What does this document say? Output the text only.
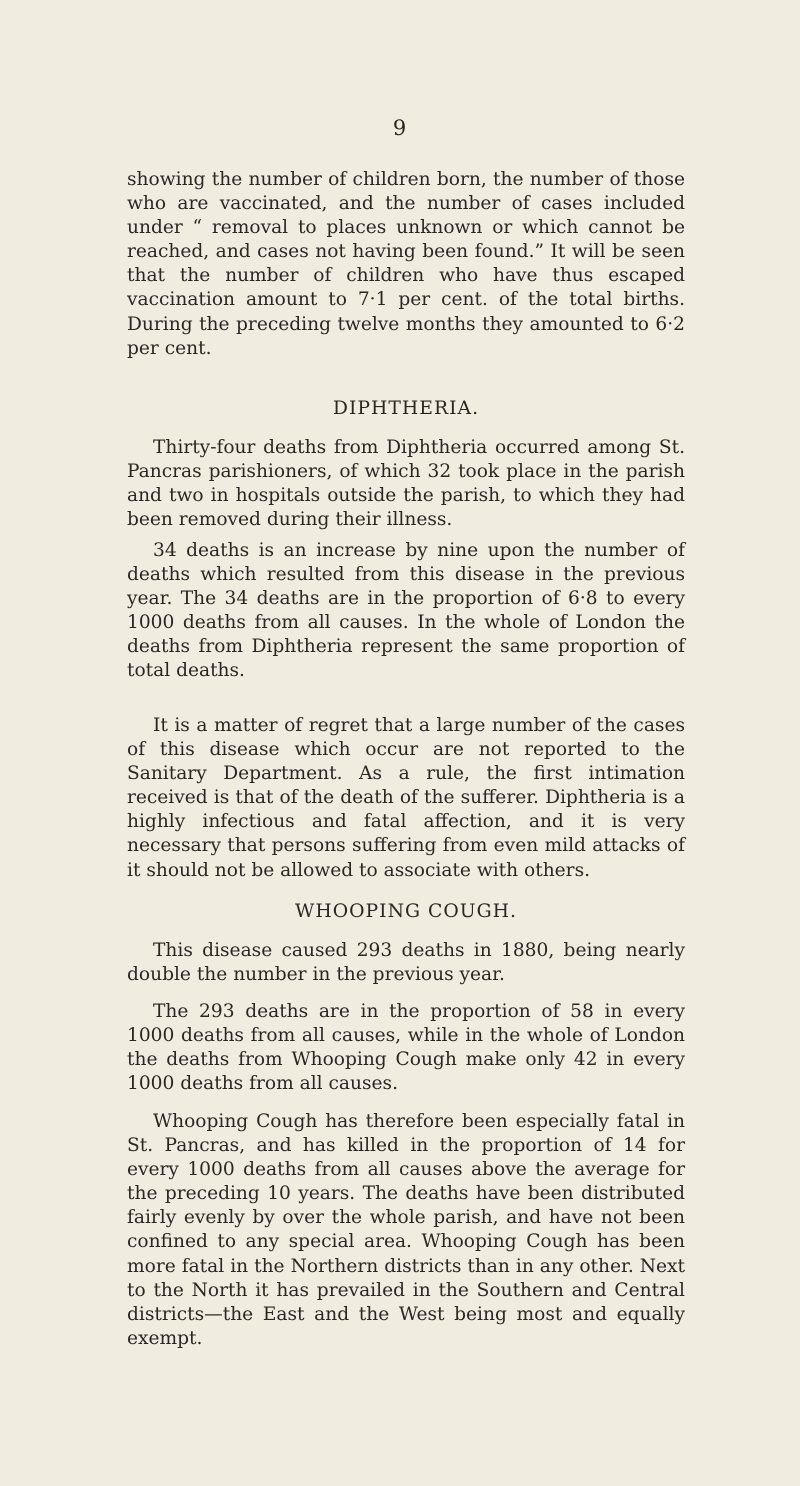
9

showing the number of children born, the number of those who are vaccinated, and the number of cases included under “ removal to places unknown or which cannot be reached, and cases not having been found.” It will be seen that the number of children who have thus escaped vaccination amount to 7·1 per cent. of the total births. During the preceding twelve months they amounted to 6·2 per cent.

DIPHTHERIA.

Thirty-four deaths from Diphtheria occurred among St. Pancras parishioners, of which 32 took place in the parish and two in hospitals outside the parish, to which they had been removed during their illness.

34 deaths is an increase by nine upon the number of deaths which resulted from this disease in the previous year. The 34 deaths are in the proportion of 6·8 to every 1000 deaths from all causes. In the whole of London the deaths from Diphtheria represent the same proportion of total deaths.

It is a matter of regret that a large number of the cases of this disease which occur are not reported to the Sanitary Department. As a rule, the first intimation received is that of the death of the sufferer. Diphtheria is a highly infectious and fatal affection, and it is very necessary that persons suffering from even mild attacks of it should not be allowed to associate with others.

WHOOPING COUGH.

This disease caused 293 deaths in 1880, being nearly double the number in the previous year.

The 293 deaths are in the proportion of 58 in every 1000 deaths from all causes, while in the whole of London the deaths from Whooping Cough make only 42 in every 1000 deaths from all causes.

Whooping Cough has therefore been especially fatal in St. Pancras, and has killed in the proportion of 14 for every 1000 deaths from all causes above the average for the preceding 10 years. The deaths have been distributed fairly evenly by over the whole parish, and have not been confined to any special area. Whooping Cough has been more fatal in the Northern districts than in any other. Next to the North it has prevailed in the Southern and Central districts—the East and the West being most and equally exempt.
